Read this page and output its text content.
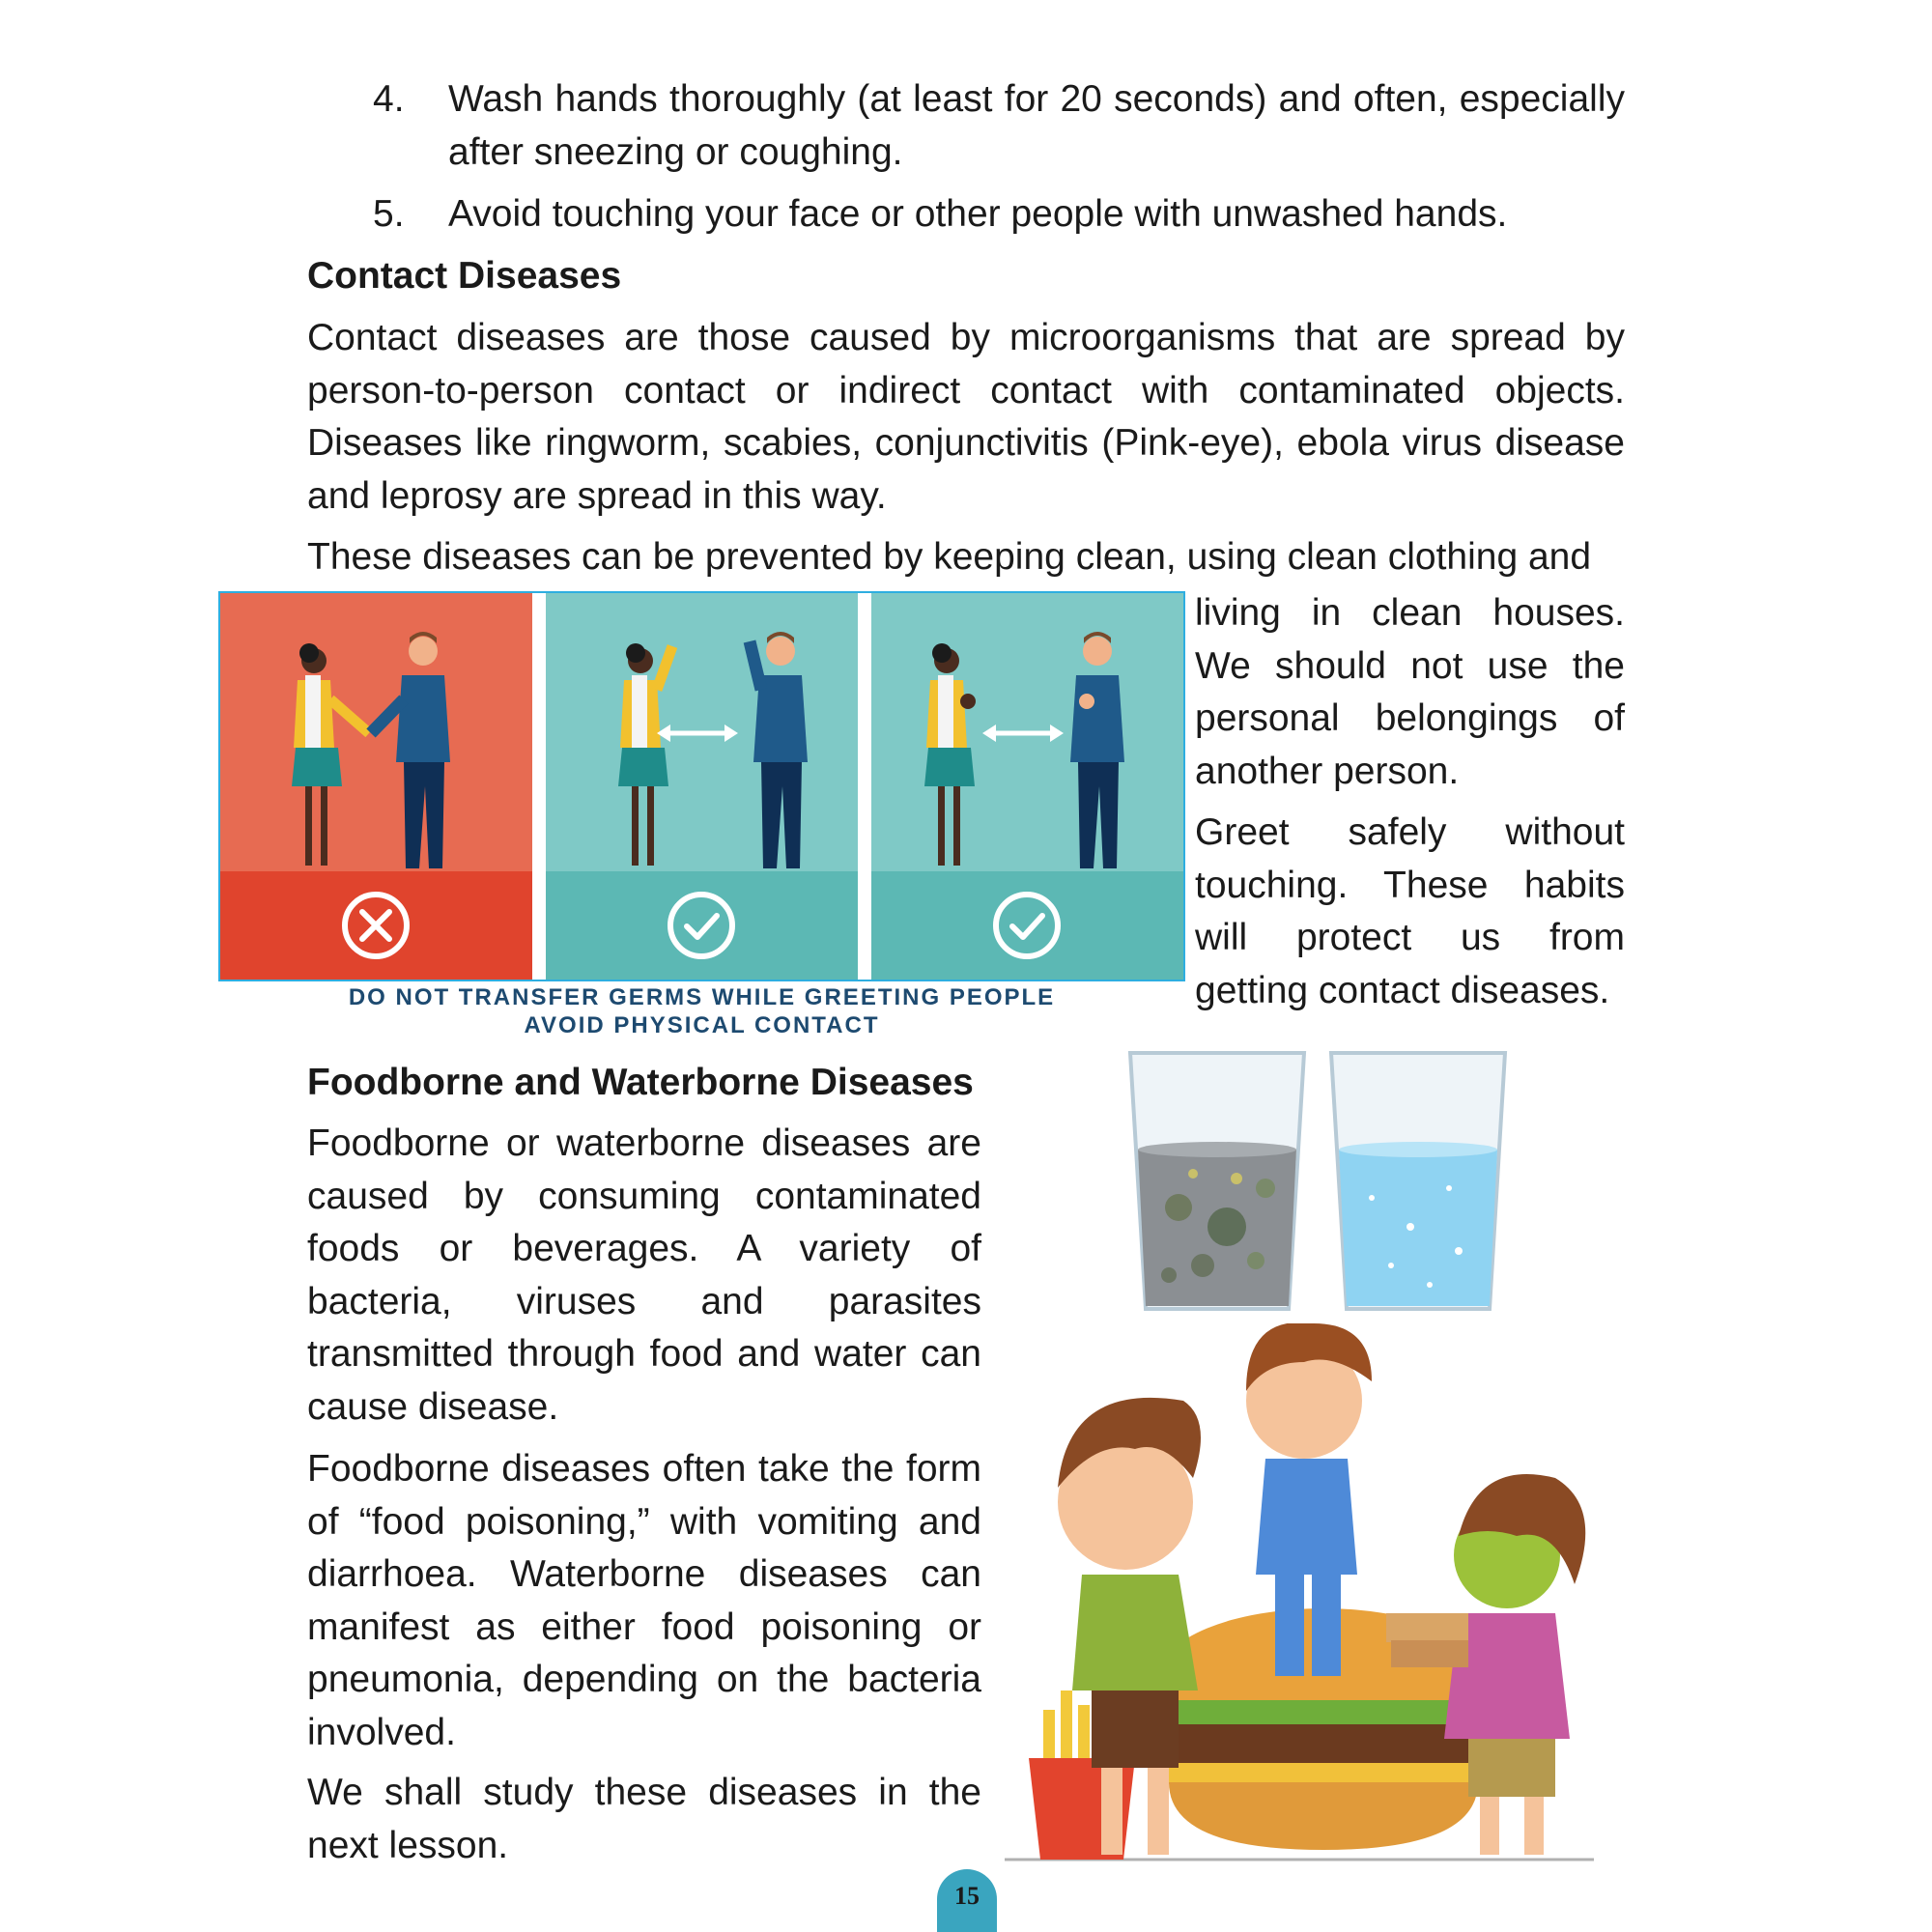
4. Wash hands thoroughly (at least for 20 seconds) and often, especially after sneezing or coughing.

5. Avoid touching your face or other people with unwashed hands.

Contact Diseases

Contact diseases are those caused by microorganisms that are spread by person-to-person contact or indirect contact with contaminated objects. Diseases like ringworm, scabies, conjunctivitis (Pink-eye), ebola virus disease and leprosy are spread in this way.

These diseases can be prevented by keeping clean, using clean clothing and

living in clean houses. We should not use the personal belongings of another person.

Greet safely without touching. These habits will protect us from getting contact diseases.

DO NOT TRANSFER GERMS WHILE GREETING PEOPLE
AVOID PHYSICAL CONTACT
Foodborne and Waterborne Diseases

Foodborne or waterborne diseases are caused by consuming contaminated foods or beverages. A variety of bacteria, viruses and parasites transmitted through food and water can cause disease.

Foodborne diseases often take the form of “food poisoning,” with vomiting and diarrhoea. Waterborne diseases can manifest as either food poisoning or pneumonia, depending on the bacteria involved.

We shall study these diseases in the next lesson.

15
